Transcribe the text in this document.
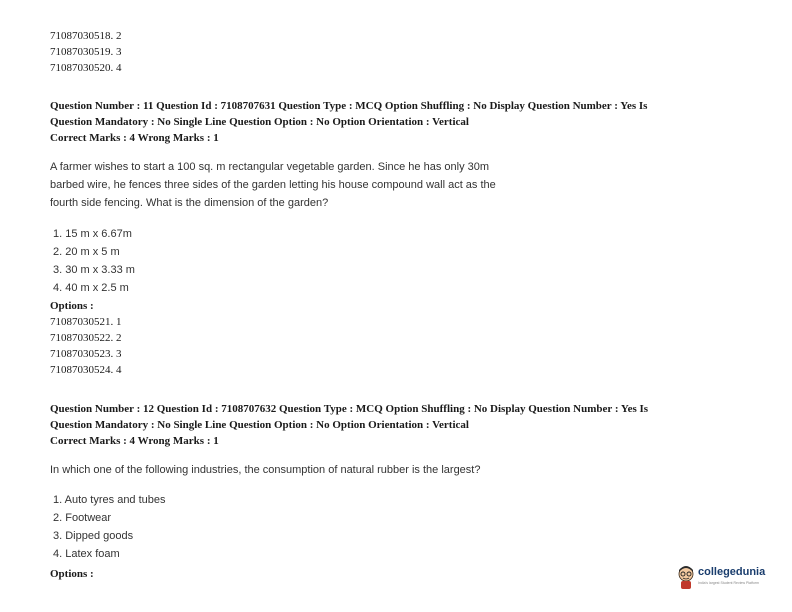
71087030518. 2
71087030519. 3
71087030520. 4
Question Number : 11 Question Id : 7108707631 Question Type : MCQ Option Shuffling : No Display Question Number : Yes Is
Question Mandatory : No Single Line Question Option : No Option Orientation : Vertical
Correct Marks : 4 Wrong Marks : 1
A farmer wishes to start a 100 sq. m rectangular vegetable garden. Since he has only 30m
barbed wire, he fences three sides of the garden letting his house compound wall act as the
fourth side fencing. What is the dimension of the garden?
1. 15 m x 6.67m
2. 20 m x 5 m
3. 30 m x 3.33 m
4. 40 m x 2.5 m
Options :
71087030521. 1
71087030522. 2
71087030523. 3
71087030524. 4
Question Number : 12 Question Id : 7108707632 Question Type : MCQ Option Shuffling : No Display Question Number : Yes Is
Question Mandatory : No Single Line Question Option : No Option Orientation : Vertical
Correct Marks : 4 Wrong Marks : 1
In which one of the following industries, the consumption of natural rubber is the largest?
1. Auto tyres and tubes
2. Footwear
3. Dipped goods
4. Latex foam
Options :	collegedunia
India's largest Student Review Platform
